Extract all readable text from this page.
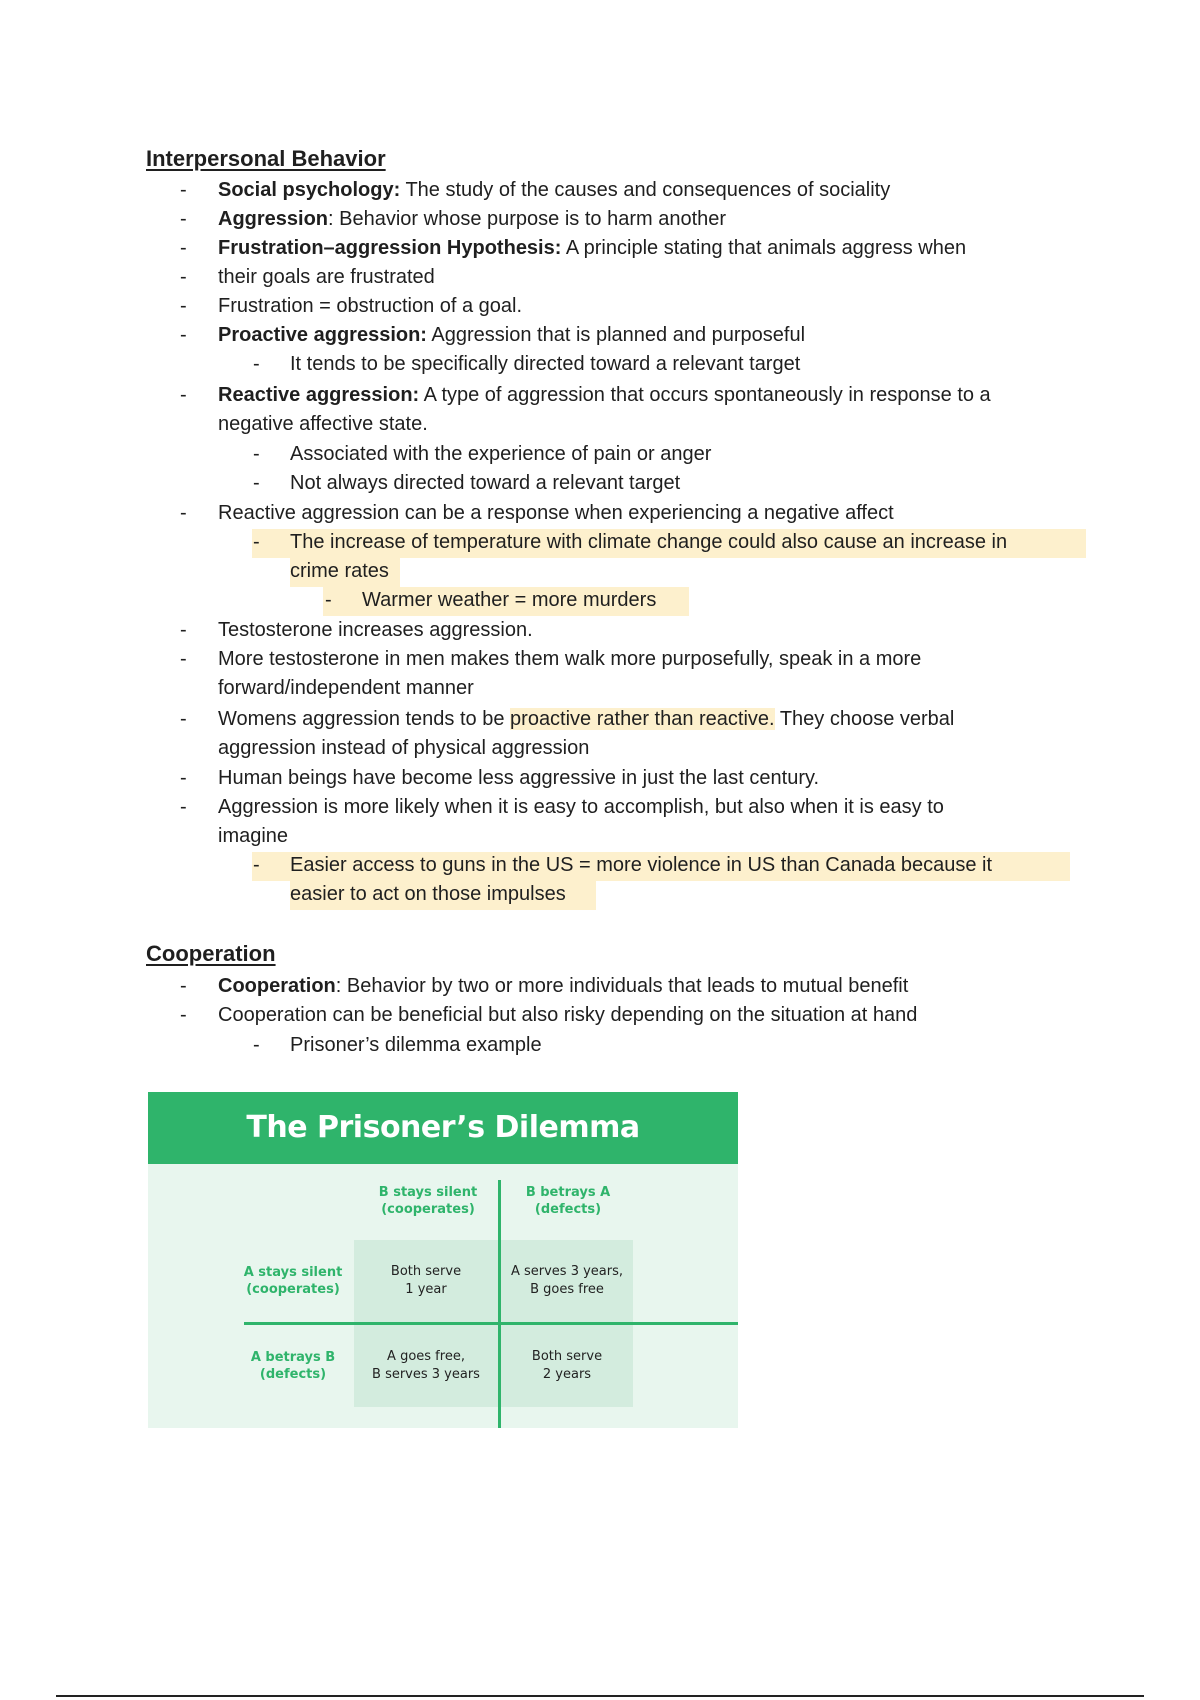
Interpersonal Behavior
- Social psychology: The study of the causes and consequences of sociality
- Aggression: Behavior whose purpose is to harm another
- Frustration–aggression Hypothesis: A principle stating that animals aggress when
- their goals are frustrated
- Frustration = obstruction of a goal.
- Proactive aggression: Aggression that is planned and purposeful
- It tends to be specifically directed toward a relevant target
- Reactive aggression: A type of aggression that occurs spontaneously in response to a
negative affective state.
- Associated with the experience of pain or anger
- Not always directed toward a relevant target
- Reactive aggression can be a response when experiencing a negative affect
- The increase of temperature with climate change could also cause an increase in
crime rates
- Warmer weather = more murders
- Testosterone increases aggression.
- More testosterone in men makes them walk more purposefully, speak in a more
forward/independent manner
- Womens aggression tends to be proactive rather than reactive. They choose verbal
aggression instead of physical aggression
- Human beings have become less aggressive in just the last century.
- Aggression is more likely when it is easy to accomplish, but also when it is easy to
imagine
- Easier access to guns in the US = more violence in US than Canada because it
easier to act on those impulses
Cooperation
- Cooperation: Behavior by two or more individuals that leads to mutual benefit
- Cooperation can be beneficial but also risky depending on the situation at hand
- Prisoner’s dilemma example
The Prisoner’s Dilemma
B stays silent
(cooperates)
B betrays A
(defects)
A stays silent
(cooperates)
A betrays B
(defects)
Both serve
1 year
A serves 3 years,
B goes free
A goes free,
B serves 3 years
Both serve
2 years
